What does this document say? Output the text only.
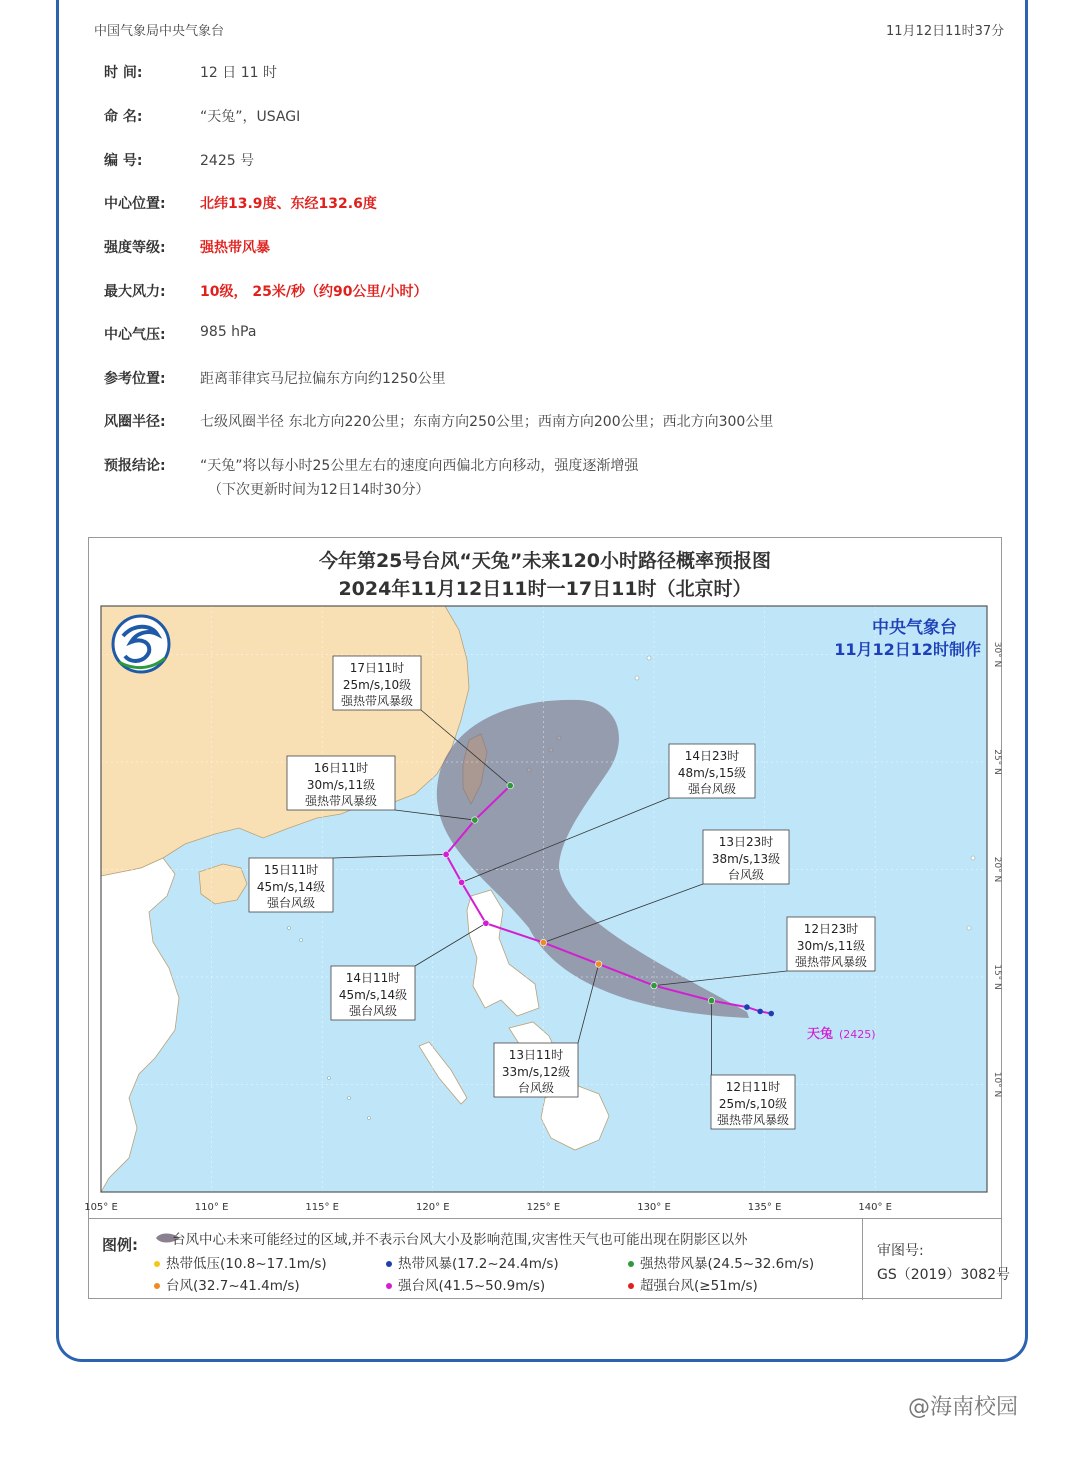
中国气象局中央气象台	11月12日11时37分
时 间:	12 日 11 时
命 名:	“天兔”，USAGI
编 号:	2425 号
中心位置:	北纬13.9度、东经132.6度
强度等级:	强热带风暴
最大风力:	10级， 25米/秒（约90公里/小时）
中心气压:	985 hPa
参考位置:	距离菲律宾马尼拉偏东方向约1250公里
风圈半径:	七级风圈半径 东北方向220公里；东南方向250公里；西南方向200公里；西北方向300公里
预报结论:	“天兔”将以每小时25公里左右的速度向西偏北方向移动，强度逐渐增强
（下次更新时间为12日14时30分）
今年第25号台风“天兔”未来120小时路径概率预报图
2024年11月12日11时一17日11时（北京时）
105° E	110° E	115° E	120° E	125° E	130° E	135° E	140° E
30° N
25° N
20° N
15° N
10° N
12日11时
25m/s,10级
强热带风暴级
12日23时
30m/s,11级
强热带风暴级
13日11时
33m/s,12级
台风级
13日23时
38m/s,13级
台风级
14日11时
45m/s,14级
强台风级
14日23时
48m/s,15级
强台风级
15日11时
45m/s,14级
强台风级
16日11时
30m/s,11级
强热带风暴级
17日11时
25m/s,10级
强热带风暴级
中央气象台
11月12日12时制作
天兔 (2425)
图例:	台风中心未来可能经过的区域,并不表示台风大小及影响范围,灾害性天气也可能出现在阴影区以外
热带低压(10.8~17.1m/s)	热带风暴(17.2~24.4m/s)	强热带风暴(24.5~32.6m/s)
台风(32.7~41.4m/s)	强台风(41.5~50.9m/s)	超强台风(≥51m/s)
审图号:
GS（2019）3082号
@海南校园
